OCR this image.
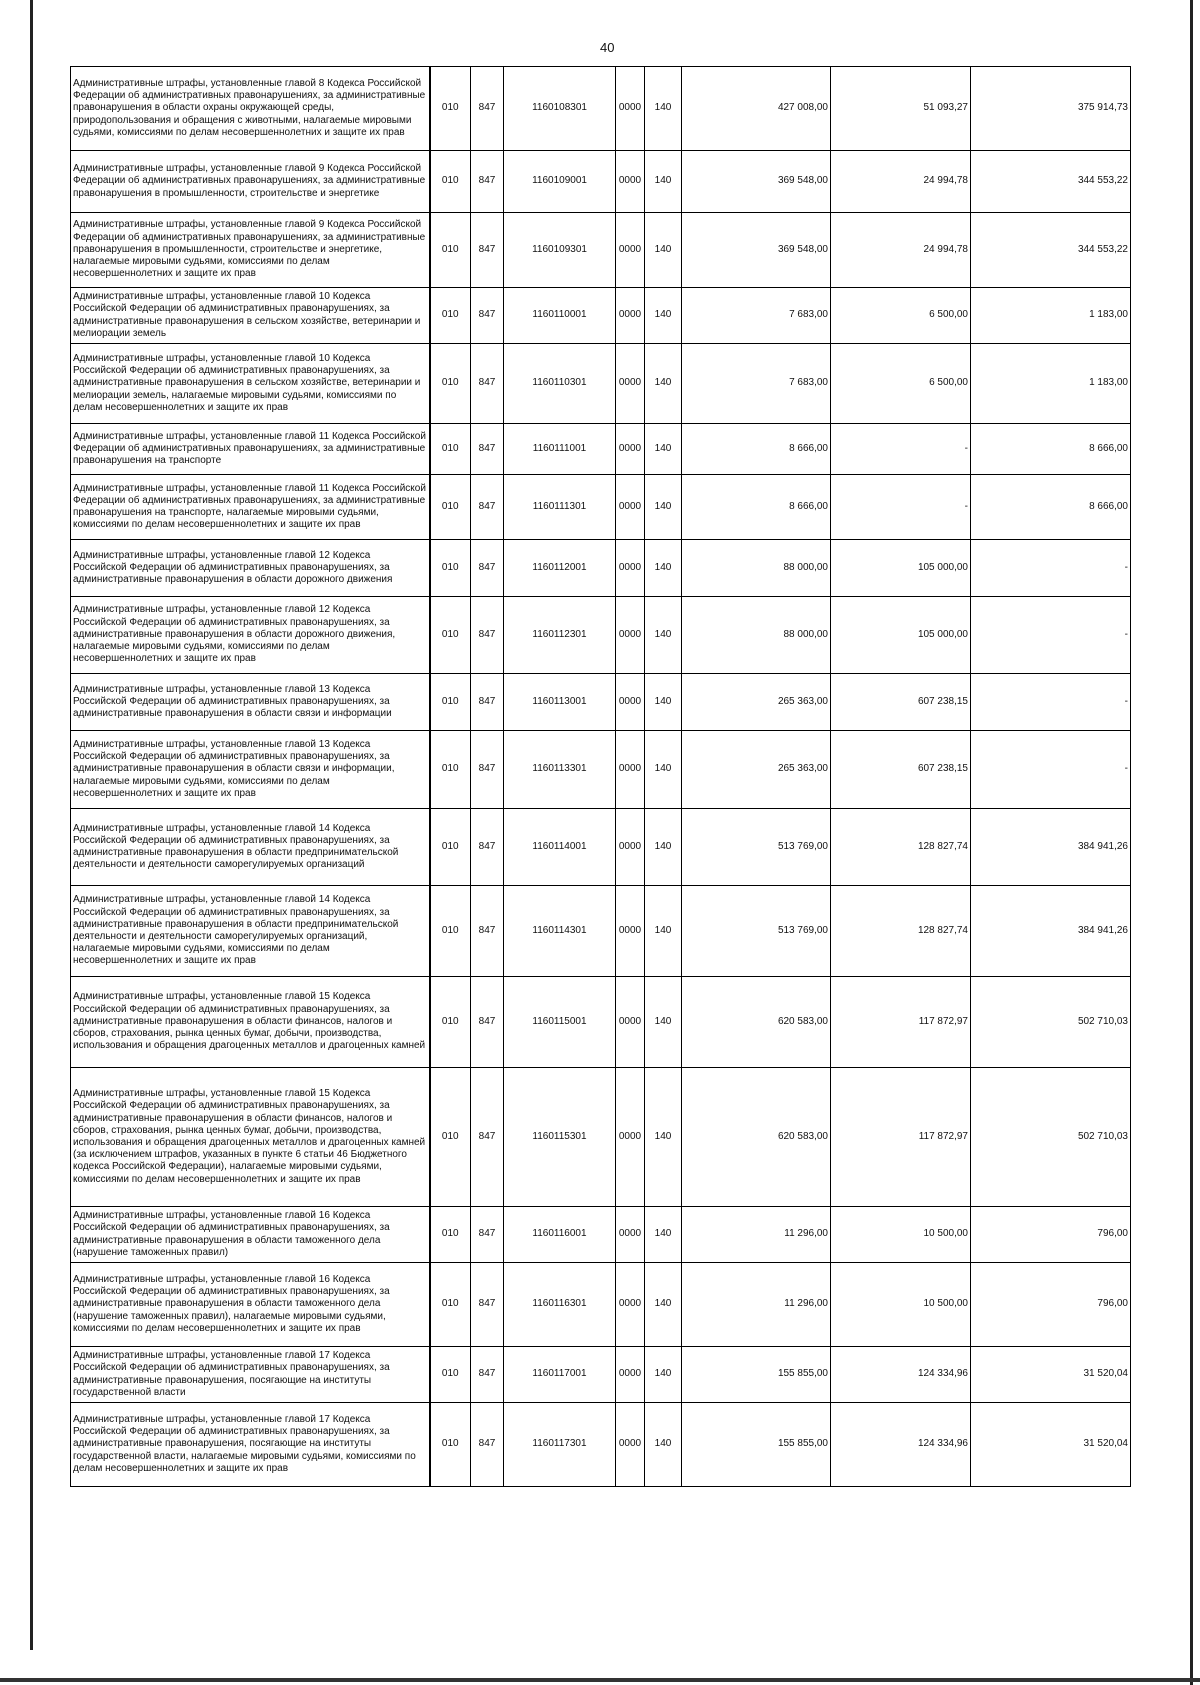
40
Административные штрафы, установленные главой 8 Кодекса Российской Федерации об административных правонарушениях, за административные правонарушения в области охраны окружающей среды, природопользования и обращения с животными, налагаемые мировыми судьями, комиссиями по делам несовершеннолетних и защите их прав	010	847	1160108301	0000	140	427 008,00	51 093,27	375 914,73
Административные штрафы, установленные главой 9 Кодекса Российской Федерации об административных правонарушениях, за административные правонарушения в промышленности, строительстве и энергетике	010	847	1160109001	0000	140	369 548,00	24 994,78	344 553,22
Административные штрафы, установленные главой 9 Кодекса Российской Федерации об административных правонарушениях, за административные правонарушения в промышленности, строительстве и энергетике, налагаемые мировыми судьями, комиссиями по делам несовершеннолетних и защите их прав	010	847	1160109301	0000	140	369 548,00	24 994,78	344 553,22
Административные штрафы, установленные главой 10 Кодекса Российской Федерации об административных правонарушениях, за административные правонарушения в сельском хозяйстве, ветеринарии и мелиорации земель	010	847	1160110001	0000	140	7 683,00	6 500,00	1 183,00
Административные штрафы, установленные главой 10 Кодекса Российской Федерации об административных правонарушениях, за административные правонарушения в сельском хозяйстве, ветеринарии и мелиорации земель, налагаемые мировыми судьями, комиссиями по делам несовершеннолетних и защите их прав	010	847	1160110301	0000	140	7 683,00	6 500,00	1 183,00
Административные штрафы, установленные главой 11 Кодекса Российской Федерации об административных правонарушениях, за административные правонарушения на транспорте	010	847	1160111001	0000	140	8 666,00	-	8 666,00
Административные штрафы, установленные главой 11 Кодекса Российской Федерации об административных правонарушениях, за административные правонарушения на транспорте, налагаемые мировыми судьями, комиссиями по делам несовершеннолетних и защите их прав	010	847	1160111301	0000	140	8 666,00	-	8 666,00
Административные штрафы, установленные главой 12 Кодекса Российской Федерации об административных правонарушениях, за административные правонарушения в области дорожного движения	010	847	1160112001	0000	140	88 000,00	105 000,00	-
Административные штрафы, установленные главой 12 Кодекса Российской Федерации об административных правонарушениях, за административные правонарушения в области дорожного движения, налагаемые мировыми судьями, комиссиями по делам несовершеннолетних и защите их прав	010	847	1160112301	0000	140	88 000,00	105 000,00	-
Административные штрафы, установленные главой 13 Кодекса Российской Федерации об административных правонарушениях, за административные правонарушения в области связи и информации	010	847	1160113001	0000	140	265 363,00	607 238,15	-
Административные штрафы, установленные главой 13 Кодекса Российской Федерации об административных правонарушениях, за административные правонарушения в области связи и информации, налагаемые мировыми судьями, комиссиями по делам несовершеннолетних и защите их прав	010	847	1160113301	0000	140	265 363,00	607 238,15	-
Административные штрафы, установленные главой 14 Кодекса Российской Федерации об административных правонарушениях, за административные правонарушения в области предпринимательской деятельности и деятельности саморегулируемых организаций	010	847	1160114001	0000	140	513 769,00	128 827,74	384 941,26
Административные штрафы, установленные главой 14 Кодекса Российской Федерации об административных правонарушениях, за административные правонарушения в области предпринимательской деятельности и деятельности саморегулируемых организаций, налагаемые мировыми судьями, комиссиями по делам несовершеннолетних и защите их прав	010	847	1160114301	0000	140	513 769,00	128 827,74	384 941,26
Административные штрафы, установленные главой 15 Кодекса Российской Федерации об административных правонарушениях, за административные правонарушения в области финансов, налогов и сборов, страхования, рынка ценных бумаг, добычи, производства, использования и обращения драгоценных металлов и драгоценных камней	010	847	1160115001	0000	140	620 583,00	117 872,97	502 710,03
Административные штрафы, установленные главой 15 Кодекса Российской Федерации об административных правонарушениях, за административные правонарушения в области финансов, налогов и сборов, страхования, рынка ценных бумаг, добычи, производства, использования и обращения драгоценных металлов и драгоценных камней (за исключением штрафов, указанных в пункте 6 статьи 46 Бюджетного кодекса Российской Федерации), налагаемые мировыми судьями, комиссиями по делам несовершеннолетних и защите их прав	010	847	1160115301	0000	140	620 583,00	117 872,97	502 710,03
Административные штрафы, установленные главой 16 Кодекса Российской Федерации об административных правонарушениях, за административные правонарушения в области таможенного дела (нарушение таможенных правил)	010	847	1160116001	0000	140	11 296,00	10 500,00	796,00
Административные штрафы, установленные главой 16 Кодекса Российской Федерации об административных правонарушениях, за административные правонарушения в области таможенного дела (нарушение таможенных правил), налагаемые мировыми судьями, комиссиями по делам несовершеннолетних и защите их прав	010	847	1160116301	0000	140	11 296,00	10 500,00	796,00
Административные штрафы, установленные главой 17 Кодекса Российской Федерации об административных правонарушениях, за административные правонарушения, посягающие на институты государственной власти	010	847	1160117001	0000	140	155 855,00	124 334,96	31 520,04
Административные штрафы, установленные главой 17 Кодекса Российской Федерации об административных правонарушениях, за административные правонарушения, посягающие на институты государственной власти, налагаемые мировыми судьями, комиссиями по делам несовершеннолетних и защите их прав	010	847	1160117301	0000	140	155 855,00	124 334,96	31 520,04
